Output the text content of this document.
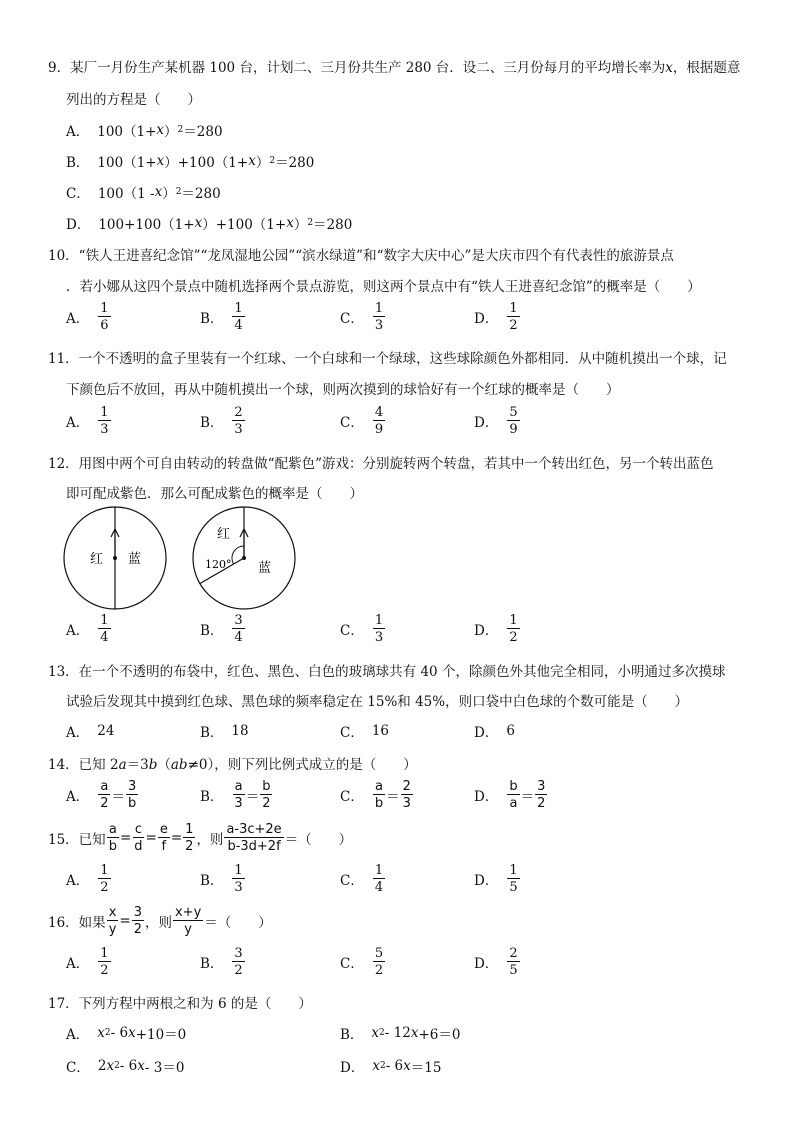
9．某厂一月份生产某机器 100 台，计划二、三月份共生产 280 台．设二、三月份每月的平均增长率为x，根据题意
列出的方程是（　　）
A． 100（1+ x ） 2 ＝280
B． 100（1+ x ）+100（1+ x ） 2 ＝280
C． 100（1 - x ） 2 ＝280
D． 100+100（1+ x ）+100（1+ x ） 2 ＝280
10．“铁人王进喜纪念馆”“龙凤湿地公园”“滨水绿道”和“数字大庆中心”是大庆市四个有代表性的旅游景点
．若小娜从这四个景点中随机选择两个景点游览，则这两个景点中有“铁人王进喜纪念馆”的概率是（　　）
A． $\frac{1}{6}$	B． $\frac{1}{4}$	C． $\frac{1}{3}$	D． $\frac{1}{2}$
11．一个不透明的盒子里装有一个红球、一个白球和一个绿球，这些球除颜色外都相同．从中随机摸出一个球，记
下颜色后不放回，再从中随机摸出一个球，则两次摸到的球恰好有一个红球的概率是（　　）
A． $\frac{1}{3}$	B． $\frac{2}{3}$	C． $\frac{4}{9}$	D． $\frac{5}{9}$
12．用图中两个可自由转动的转盘做“配紫色”游戏：分别旋转两个转盘，若其中一个转出红色，另一个转出蓝色
即可配成紫色．那么可配成紫色的概率是（　　）
红 蓝
红
120° 蓝
A． $\frac{1}{4}$	B． $\frac{3}{4}$	C． $\frac{1}{3}$	D． $\frac{1}{2}$
13．在一个不透明的布袋中，红色、黑色、白色的玻璃球共有 40 个，除颜色外其他完全相同，小明通过多次摸球
试验后发现其中摸到红色球、黑色球的频率稳定在 15%和 45%，则口袋中白色球的个数可能是（　　）
A． 24	B． 18	C． 16	D． 6
14．已知 2a＝3b（ab≠0），则下列比例式成立的是（　　）
A． $\frac{a}{2} = \frac{3}{b}$	B． $\frac{a}{3} = \frac{b}{2}$	C． $\frac{a}{b} = \frac{2}{3}$	D． $\frac{b}{a} = \frac{3}{2}$
15．已知 $\frac{a}{b} = \frac{c}{d} = \frac{e}{f} = \frac{1}{2}$ ，则 $\frac{a-3c+2e}{b-3d+2f}$ ＝（　　）
A． $\frac{1}{2}$	B． $\frac{1}{3}$	C． $\frac{1}{4}$	D． $\frac{1}{5}$
16．如果 $\frac{x}{y} = \frac{3}{2}$ ，则 $\frac{x+y}{y}$ ＝（　　）
A． $\frac{1}{2}$	B． $\frac{3}{2}$	C． $\frac{5}{2}$	D． $\frac{2}{5}$
17．下列方程中两根之和为 6 的是（　　）
A． x 2 - 6 x +10＝0	B． x 2 - 12 x +6＝0
C． 2 x 2 - 6 x - 3＝0	D． x 2 - 6 x ＝15
